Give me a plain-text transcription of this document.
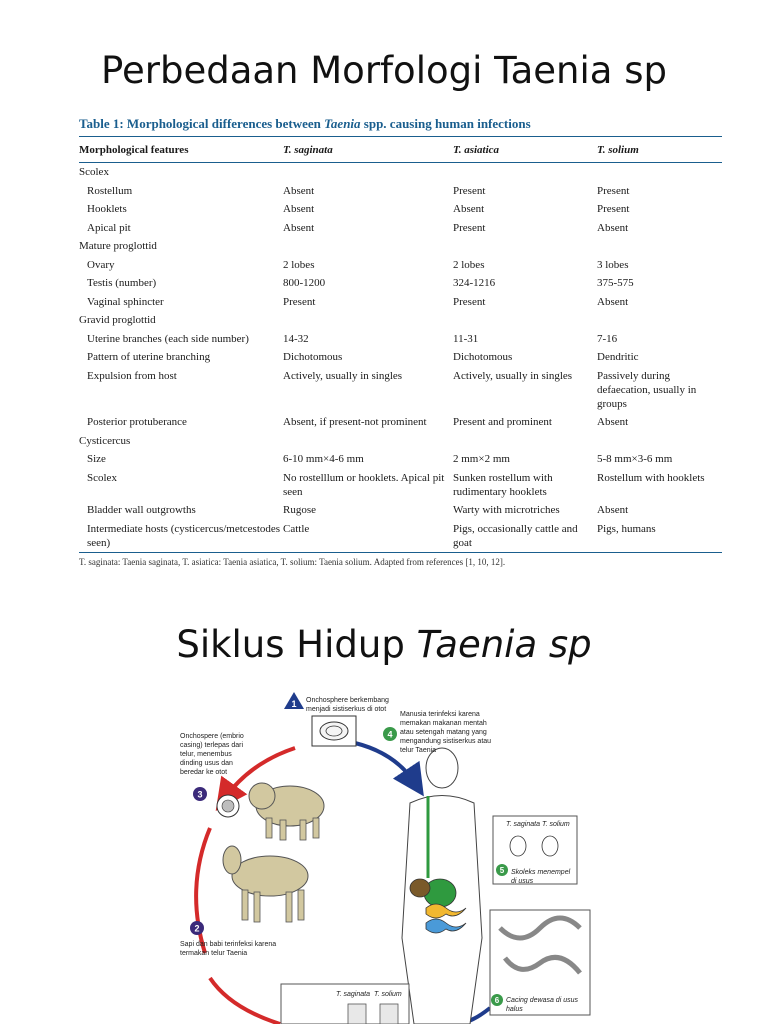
Perbedaan Morfologi Taenia sp
Table 1: Morphological differences between Taenia spp. causing human infections
Morphological features	T. saginata	T. asiatica	T. solium
Scolex			
Rostellum	Absent	Present	Present
Hooklets	Absent	Absent	Present
Apical pit	Absent	Present	Absent
Mature proglottid			
Ovary	2 lobes	2 lobes	3 lobes
Testis (number)	800-1200	324-1216	375-575
Vaginal sphincter	Present	Present	Absent
Gravid proglottid			
Uterine branches (each side number)	14-32	11-31	7-16
Pattern of uterine branching	Dichotomous	Dichotomous	Dendritic
Expulsion from host	Actively, usually in singles	Actively, usually in singles	Passively during defaecation, usually in groups
Posterior protuberance	Absent, if present-not prominent	Present and prominent	Absent
Cysticercus			
Size	6-10 mm×4-6 mm	2 mm×2 mm	5-8 mm×3-6 mm
Scolex	No rostelllum or hooklets. Apical pit seen	Sunken rostellum with rudimentary hooklets	Rostellum with hooklets
Bladder wall outgrowths	Rugose	Warty with microtriches	Absent
Intermediate hosts (cysticercus/metcestodes seen)	Cattle	Pigs, occasionally cattle and goat	Pigs, humans
T. saginata: Taenia saginata, T. asiatica: Taenia asiatica, T. solium: Taenia solium. Adapted from references [1, 10, 12].
Siklus Hidup Taenia sp
1
2
3
4
5
6
Onchosphere berkembang menjadi sistiserkus di otot
Sapi dan babi terinfeksi karena
termakan telur Taenia
Onchospere (embrio casing) terlepas dari telur, menembus dinding usus dan beredar ke otot
Manusia terinfeksi karena memakan makanan mentah atau setengah matang yang mengandung sistiserkus atau telur Taenia
T. saginata T. solium
Skoleks menempel di usus
Cacing dewasa di usus halus
T. saginata T. solium
